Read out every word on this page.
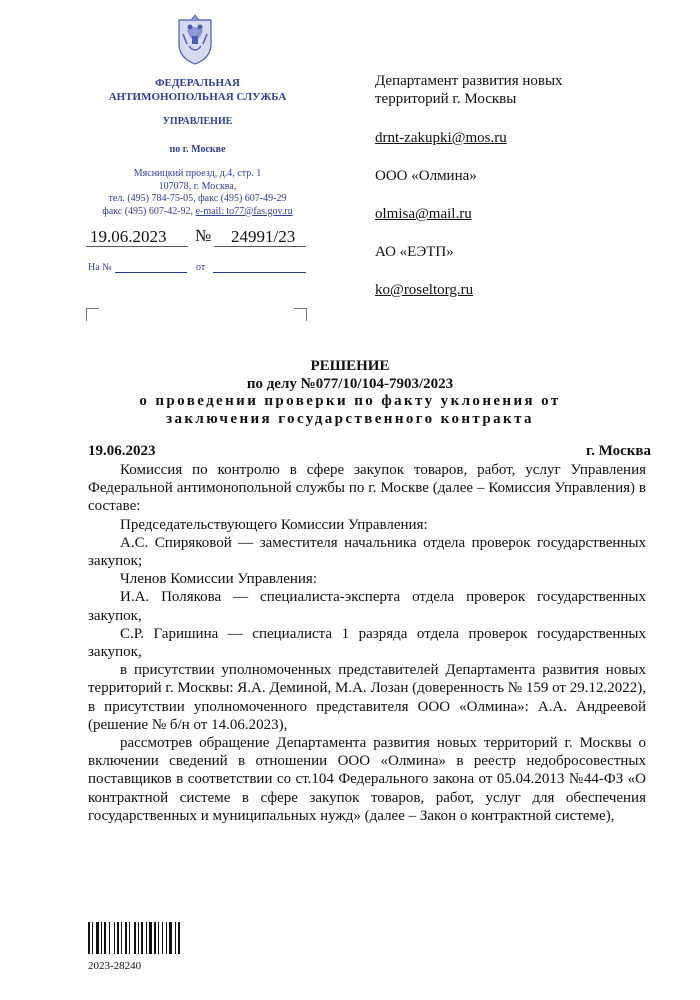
ФЕДЕРАЛЬНАЯ
АНТИМОНОПОЛЬНАЯ СЛУЖБА
УПРАВЛЕНИЕ
по г. Москве
Мясницкий проезд, д.4, стр. 1
107078, г. Москва,
тел. (495) 784-75-05, факс (495) 607-49-29
факс (495) 607-42-92, e-mail: to77@fas.gov.ru
19.06.2023 № 24991/23
На №	от
Департамент развития новых
территорий г. Москвы
drnt-zakupki@mos.ru
ООО «Олмина»
olmisa@mail.ru
АО «ЕЭТП»
ko@roseltorg.ru
РЕШЕНИЕ
по делу №077/10/104-7903/2023
о проведении проверки по факту уклонения от
заключения государственного контракта
19.06.2023	г. Москва

Комиссия по контролю в сфере закупок товаров, работ, услуг Управления Федеральной антимонопольной службы по г. Москве (далее – Комиссия Управления) в составе:

Председательствующего Комиссии Управления:

А.С. Спиряковой — заместителя начальника отдела проверок государственных закупок;

Членов Комиссии Управления:

И.А. Полякова — специалиста-эксперта отдела проверок государственных закупок,

С.Р. Гаришина — специалиста 1 разряда отдела проверок государственных закупок,

в присутствии уполномоченных представителей Департамента развития новых территорий г. Москвы: Я.А. Деминой, М.А. Лозан (доверенность № 159 от 29.12.2022), в присутствии уполномоченного представителя ООО «Олмина»: А.А. Андреевой (решение № б/н от 14.06.2023),

рассмотрев обращение Департамента развития новых территорий г. Москвы о включении сведений в отношении ООО «Олмина» в реестр недобросовестных поставщиков в соответствии со ст.104 Федерального закона от 05.04.2013 №44-ФЗ «О контрактной системе в сфере закупок товаров, работ, услуг для обеспечения государственных и муниципальных нужд» (далее – Закон о контрактной системе),

2023-28240
